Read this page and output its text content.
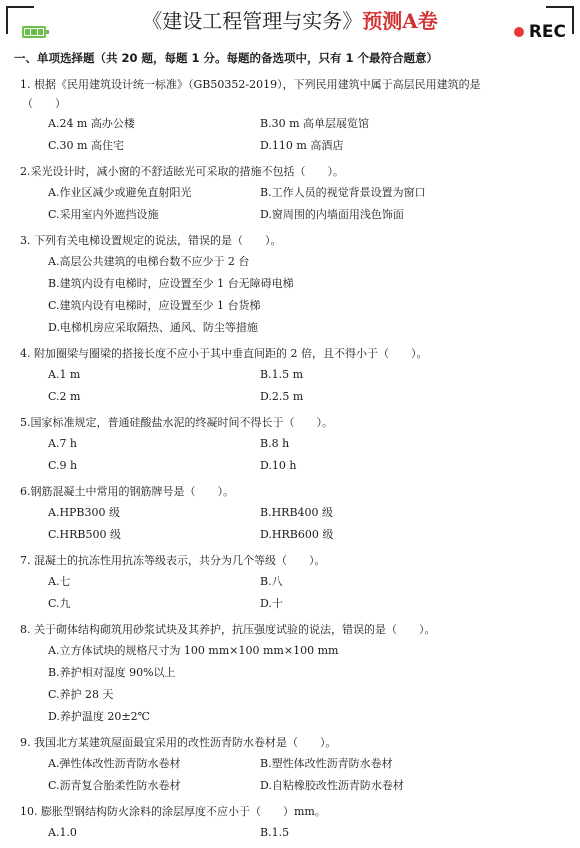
REC
《建设工程管理与实务》预测A卷
一、单项选择题（共 20 题，每题 1 分。每题的备选项中，只有 1 个最符合题意）
1. 根据《民用建筑设计统一标准》（GB50352-2019），下列民用建筑中属于高层民用建筑的是
（　　）
A.24 m 高办公楼	B.30 m 高单层展览馆
C.30 m 高住宅	D.110 m 高酒店
2.采光设计时，减小窗的不舒适眩光可采取的措施不包括（　　）。
A.作业区减少或避免直射阳光	B.工作人员的视觉背景设置为窗口
C.采用室内外遮挡设施	D.窗周围的内墙面用浅色饰面
3. 下列有关电梯设置规定的说法，错误的是（　　）。
A.高层公共建筑的电梯台数不应少于 2 台
B.建筑内设有电梯时，应设置至少 1 台无障碍电梯
C.建筑内设有电梯时，应设置至少 1 台货梯
D.电梯机房应采取隔热、通风、防尘等措施
4. 附加圈梁与圈梁的搭接长度不应小于其中垂直间距的 2 倍，且不得小于（　　）。
A.1 m	B.1.5 m
C.2 m	D.2.5 m
5.国家标准规定，普通硅酸盐水泥的终凝时间不得长于（　　）。
A.7 h	B.8 h
C.9 h	D.10 h
6.钢筋混凝土中常用的钢筋牌号是（　　）。
A.HPB300 级	B.HRB400 级
C.HRB500 级	D.HRB600 级
7. 混凝土的抗冻性用抗冻等级表示，共分为几个等级（　　）。
A.七	B.八
C.九	D.十
8. 关于砌体结构砌筑用砂浆试块及其养护，抗压强度试验的说法，错误的是（　　）。
A.立方体试块的规格尺寸为 100 mm×100 mm×100 mm
B.养护相对湿度 90%以上
C.养护 28 天
D.养护温度 20±2℃
9. 我国北方某建筑屋面最宜采用的改性沥青防水卷材是（　　）。
A.弹性体改性沥青防水卷材	B.塑性体改性沥青防水卷材
C.沥青复合胎柔性防水卷材	D.自粘橡胶改性沥青防水卷材
10. 膨胀型钢结构防火涂料的涂层厚度不应小于（　　）mm。
A.1.0	B.1.5
